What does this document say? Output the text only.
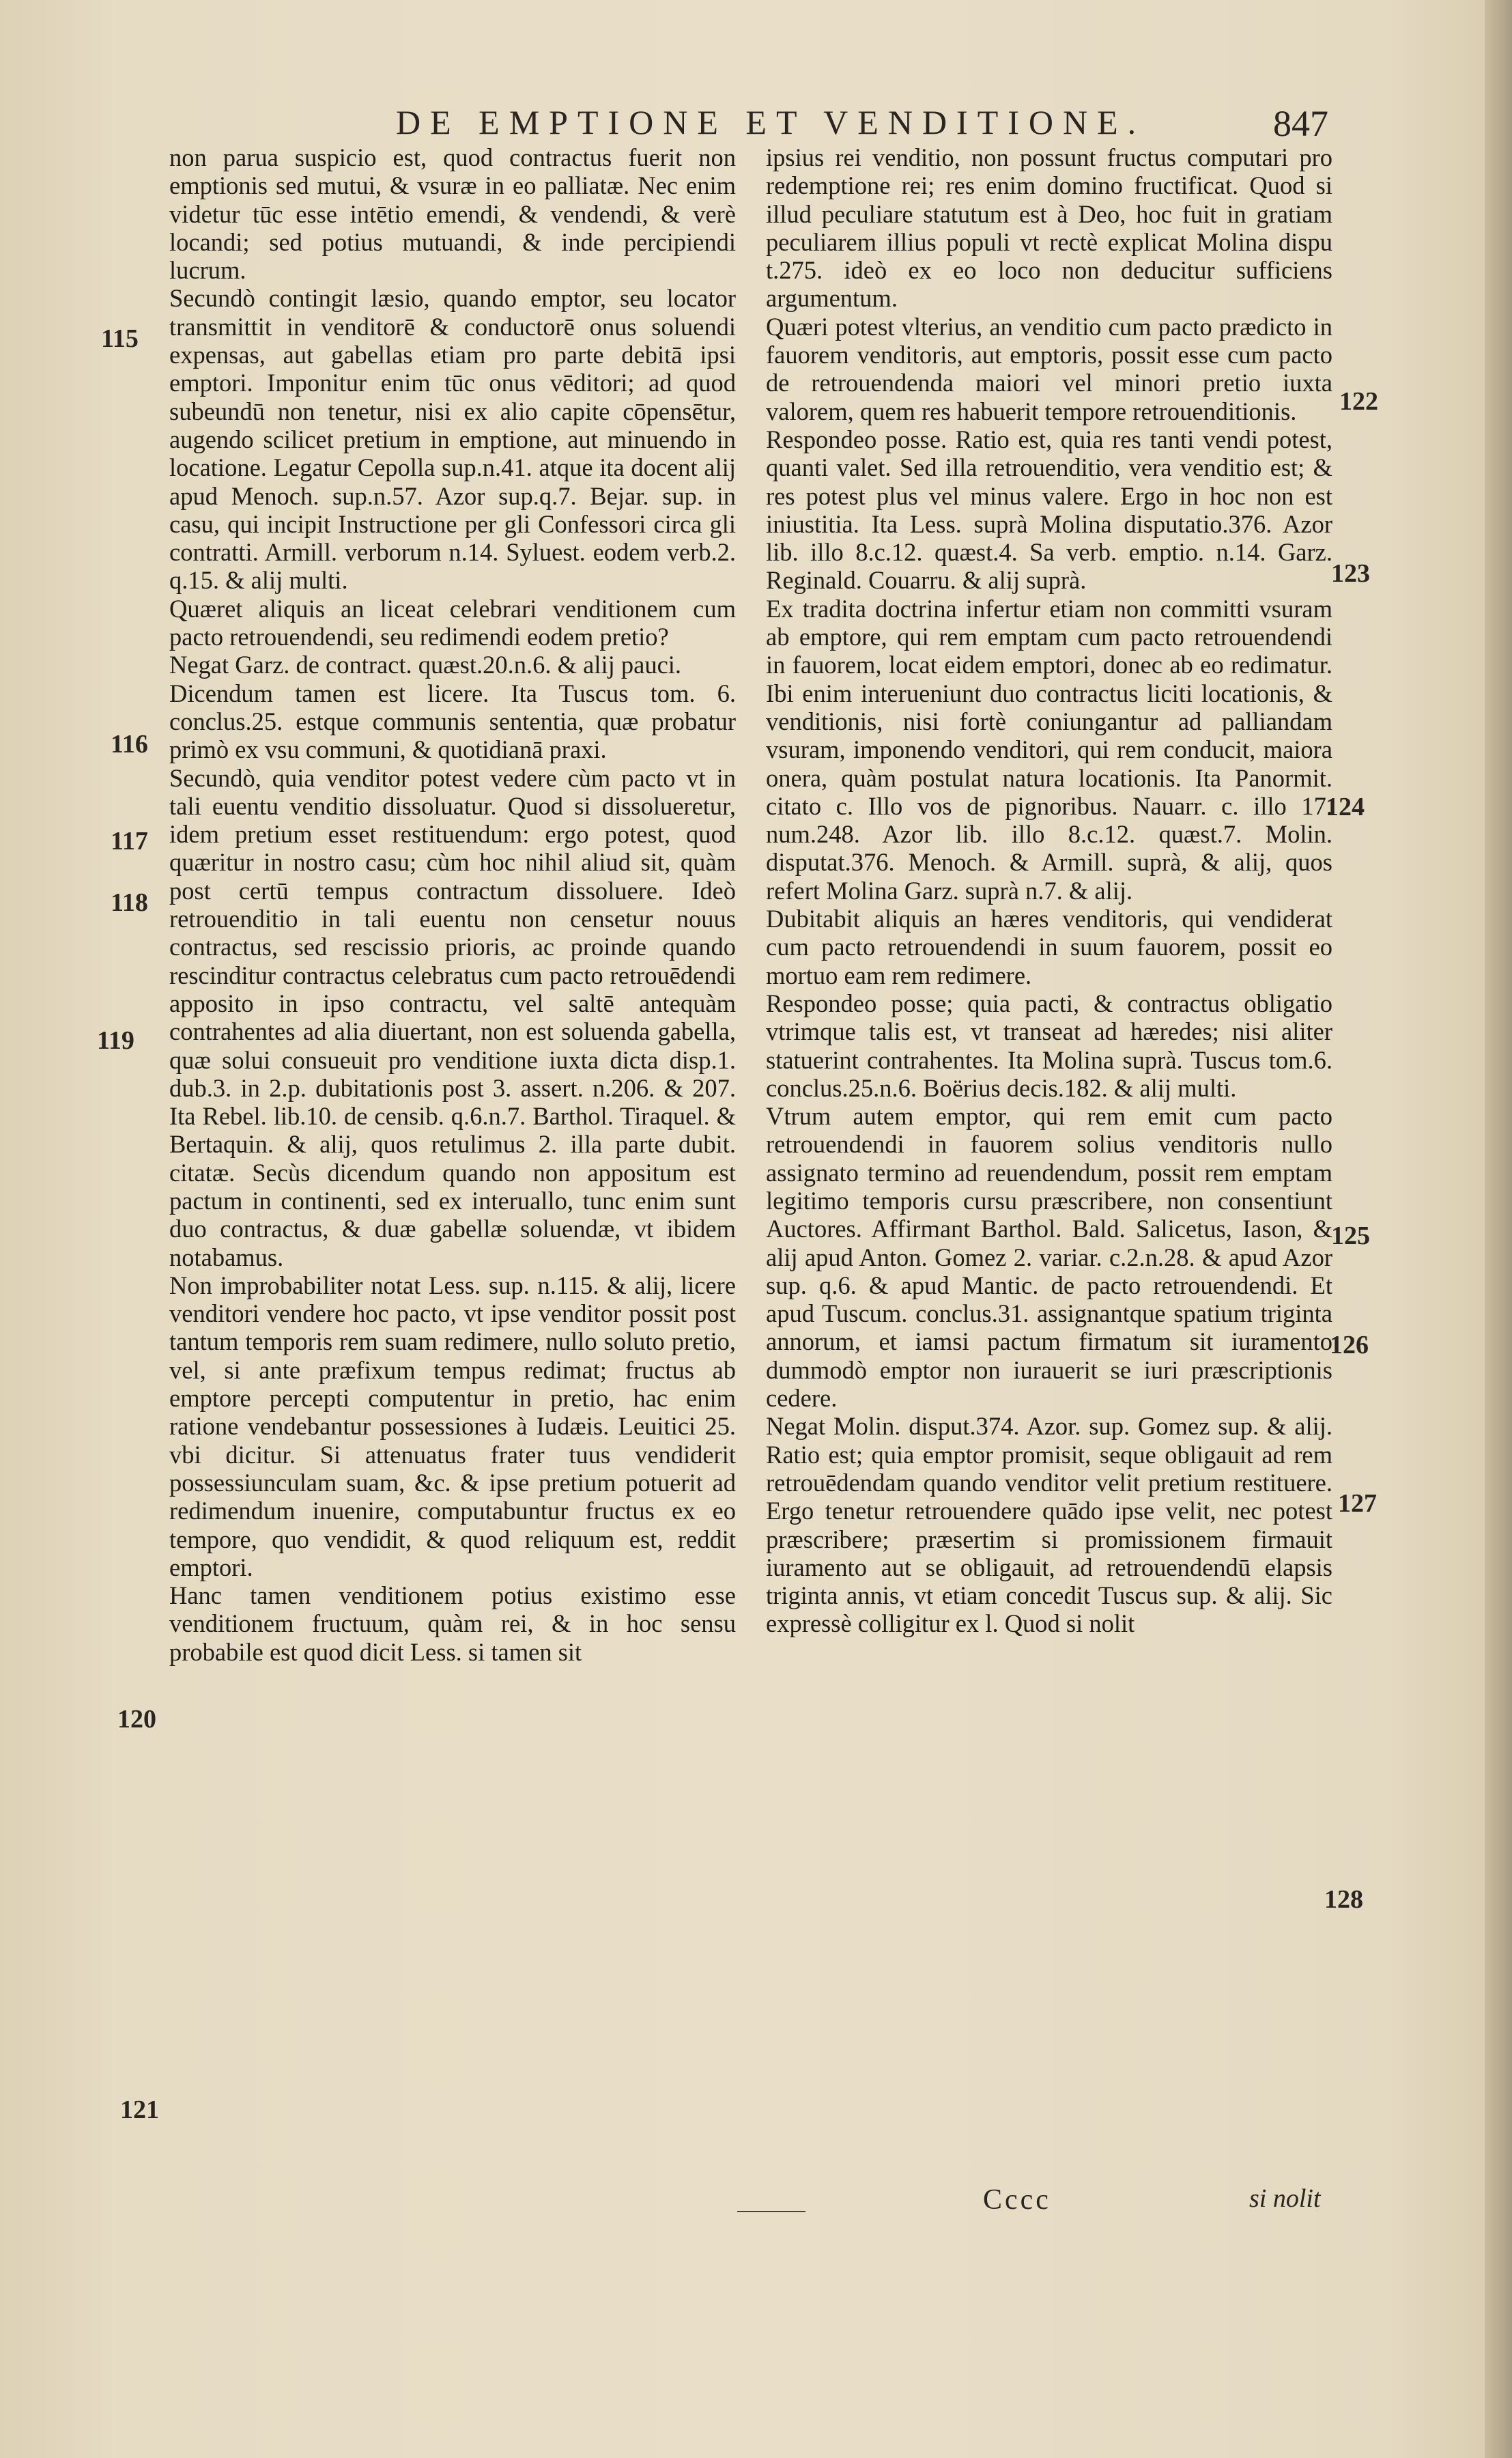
DE EMPTIONE ET VENDITIONE.	847
115
116
117
118
119
120
121
122
123
124
125
126
127
128

non parua suspicio est, quod contractus fuerit non emptionis sed mutui, & vsuræ in eo palliatæ. Nec enim videtur tūc esse intētio emendi, & vendendi, & verè locandi; sed potius mutuandi, & inde percipiendi lucrum.

Secundò contingit læsio, quando emptor, seu locator transmittit in venditorē & conductorē onus soluendi expensas, aut gabellas etiam pro parte debitā ipsi emptori. Imponitur enim tūc onus vēditori; ad quod subeundū non tenetur, nisi ex alio capite cōpensētur, augendo scilicet pretium in emptione, aut minuendo in locatione. Legatur Cepolla sup.n.41. atque ita docent alij apud Menoch. sup.n.57. Azor sup.q.7. Bejar. sup. in casu, qui incipit Instructione per gli Confessori circa gli contratti. Armill. verborum n.14. Syluest. eodem verb.2. q.15. & alij multi.

Quæret aliquis an liceat celebrari venditionem cum pacto retrouendendi, seu redimendi eodem pretio?

Negat Garz. de contract. quæst.20.n.6. & alij pauci.

Dicendum tamen est licere. Ita Tuscus tom. 6. conclus.25. estque communis sententia, quæ probatur primò ex vsu communi, & quotidianā praxi.

Secundò, quia venditor potest vedere cùm pacto vt in tali euentu venditio dissoluatur. Quod si dissolueretur, idem pretium esset restituendum: ergo potest, quod quæritur in nostro casu; cùm hoc nihil aliud sit, quàm post certū tempus contractum dissoluere. Ideò retrouenditio in tali euentu non censetur nouus contractus, sed rescissio prioris, ac proinde quando rescinditur contractus celebratus cum pacto retrouēdendi apposito in ipso contractu, vel saltē antequàm contrahentes ad alia diuertant, non est soluenda gabella, quæ solui consueuit pro venditione iuxta dicta disp.1. dub.3. in 2.p. dubitationis post 3. assert. n.206. & 207. Ita Rebel. lib.10. de censib. q.6.n.7. Barthol. Tiraquel. & Bertaquin. & alij, quos retulimus 2. illa parte dubit. citatæ. Secùs dicendum quando non appositum est pactum in continenti, sed ex interuallo, tunc enim sunt duo contractus, & duæ gabellæ soluendæ, vt ibidem notabamus.

Non improbabiliter notat Less. sup. n.115. & alij, licere venditori vendere hoc pacto, vt ipse venditor possit post tantum temporis rem suam redimere, nullo soluto pretio, vel, si ante præfixum tempus redimat; fructus ab emptore percepti computentur in pretio, hac enim ratione vendebantur possessiones à Iudæis. Leuitici 25. vbi dicitur. Si attenuatus frater tuus vendiderit possessiunculam suam, &c. & ipse pretium potuerit ad redimendum inuenire, computabuntur fructus ex eo tempore, quo vendidit, & quod reliquum est, reddit emptori.

Hanc tamen venditionem potius existimo esse venditionem fructuum, quàm rei, & in hoc sensu probabile est quod dicit Less. si tamen sit

ipsius rei venditio, non possunt fructus computari pro redemptione rei; res enim domino fructificat. Quod si illud peculiare statutum est à Deo, hoc fuit in gratiam peculiarem illius populi vt rectè explicat Molina dispu t.275. ideò ex eo loco non deducitur sufficiens argumentum.

Quæri potest vlterius, an venditio cum pacto prædicto in fauorem venditoris, aut emptoris, possit esse cum pacto de retrouendenda maiori vel minori pretio iuxta valorem, quem res habuerit tempore retrouenditionis.

Respondeo posse. Ratio est, quia res tanti vendi potest, quanti valet. Sed illa retrouenditio, vera venditio est; & res potest plus vel minus valere. Ergo in hoc non est iniustitia. Ita Less. suprà Molina disputatio.376. Azor lib. illo 8.c.12. quæst.4. Sa verb. emptio. n.14. Garz. Reginald. Couarru. & alij suprà.

Ex tradita doctrina infertur etiam non committi vsuram ab emptore, qui rem emptam cum pacto retrouendendi in fauorem, locat eidem emptori, donec ab eo redimatur. Ibi enim interueniunt duo contractus liciti locationis, & venditionis, nisi fortè coniungantur ad palliandam vsuram, imponendo venditori, qui rem conducit, maiora onera, quàm postulat natura locationis. Ita Panormit. citato c. Illo vos de pignoribus. Nauarr. c. illo 17. num.248. Azor lib. illo 8.c.12. quæst.7. Molin. disputat.376. Menoch. & Armill. suprà, & alij, quos refert Molina Garz. suprà n.7. & alij.

Dubitabit aliquis an hæres venditoris, qui vendiderat cum pacto retrouendendi in suum fauorem, possit eo mortuo eam rem redimere.

Respondeo posse; quia pacti, & contractus obligatio vtrimque talis est, vt transeat ad hæredes; nisi aliter statuerint contrahentes. Ita Molina suprà. Tuscus tom.6. conclus.25.n.6. Boërius decis.182. & alij multi.

Vtrum autem emptor, qui rem emit cum pacto retrouendendi in fauorem solius venditoris nullo assignato termino ad reuendendum, possit rem emptam legitimo temporis cursu præscribere, non consentiunt Auctores. Affirmant Barthol. Bald. Salicetus, Iason, & alij apud Anton. Gomez 2. variar. c.2.n.28. & apud Azor sup. q.6. & apud Mantic. de pacto retrouendendi. Et apud Tuscum. conclus.31. assignantque spatium triginta annorum, et iamsi pactum firmatum sit iuramento dummodò emptor non iurauerit se iuri præscriptionis cedere.

Negat Molin. disput.374. Azor. sup. Gomez sup. & alij. Ratio est; quia emptor promisit, seque obligauit ad rem retrouēdendam quando venditor velit pretium restituere. Ergo tenetur retrouendere quādo ipse velit, nec potest præscribere; præsertim si promissionem firmauit iuramento aut se obligauit, ad retrouendendū elapsis triginta annis, vt etiam concedit Tuscus sup. & alij. Sic expressè colligitur ex l. Quod si nolit

Cccc	si nolit
